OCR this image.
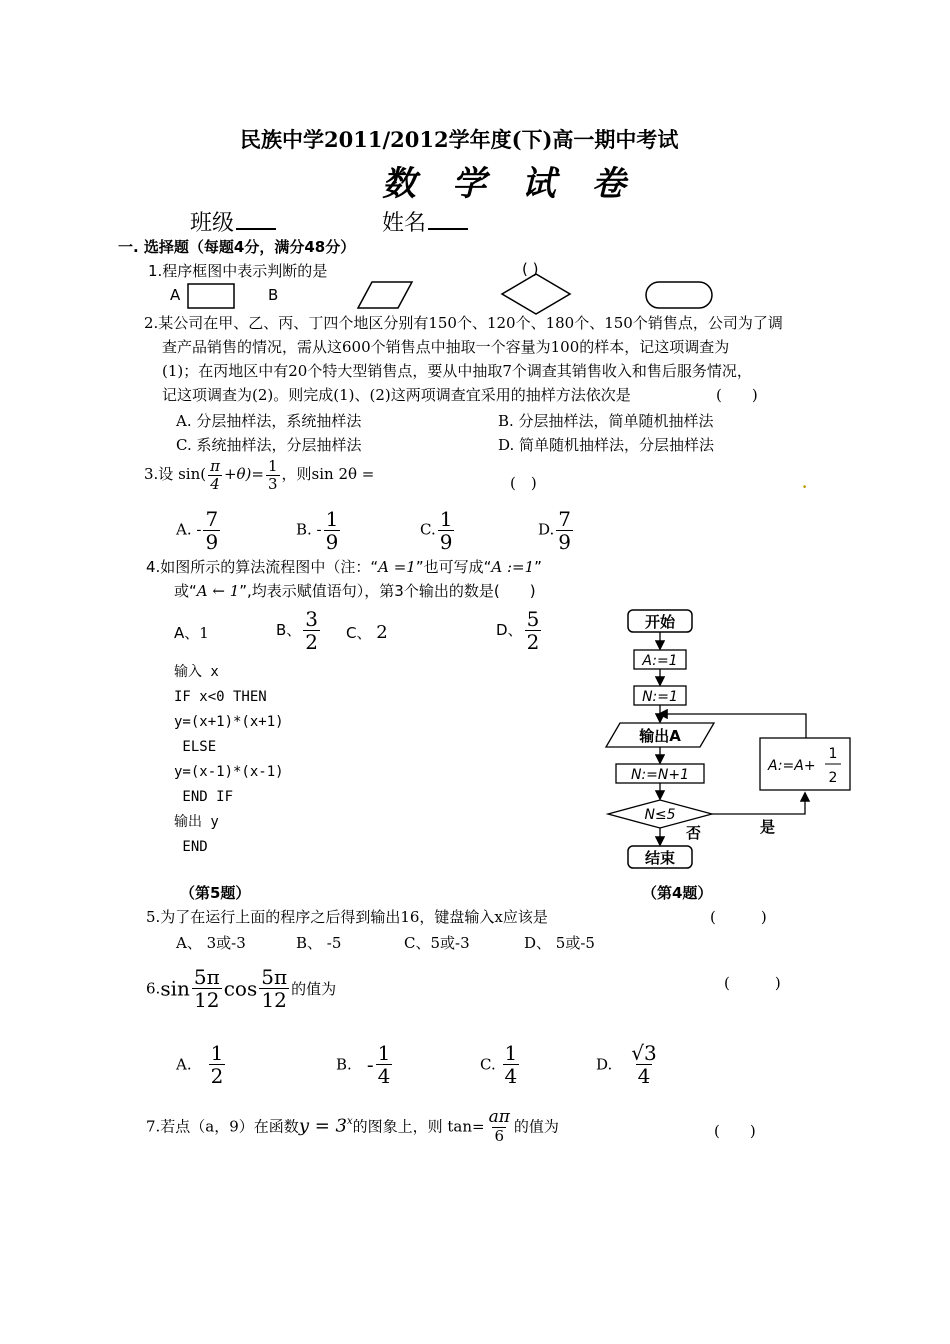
民族中学2011/2012学年度(下)高一期中考试
数 学 试 卷
班级	姓名
一. 选择题（每题4分，满分48分）
1.程序框图中表示判断的是	( )
A	B
2.某公司在甲、乙、丙、丁四个地区分别有150个、120个、180个、150个销售点，公司为了调
查产品销售的情况，需从这600个销售点中抽取一个容量为100的样本，记这项调查为
(1)；在丙地区中有20个特大型销售点，要从中抽取7个调查其销售收入和售后服务情况，
记这项调查为(2)。则完成(1)、(2)这两项调查宜采用的抽样方法依次是	(　　)
A. 分层抽样法，系统抽样法	B. 分层抽样法，简单随机抽样法
C. 系统抽样法，分层抽样法	D. 简单随机抽样法，分层抽样法
3.设 $\sin( \frac{\pi}{4} +\theta)= \frac{1}{3}$ ，则sin 2θ =	(　)	.
A. - $\frac{7}{9}$	B. - $\frac{1}{9}$	C. $\frac{1}{9}$	D. $\frac{7}{9}$
4.如图所示的算法流程图中（注：“A =1”也可写成“A :=1”
或“A ← 1”,均表示赋值语句），第3个输出的数是(　　)
A、1	B、 $\frac{3}{2}$ C、 2	D、 $\frac{5}{2}$
输入 x
IF x<0 THEN
y=(x+1)*(x+1)
ELSE
y=(x-1)*(x-1)
END IF
输出 y
END
开始
A:=1
N:=1
输出A
N:=N+1
N≤5
是
否
结束
A:=A+
1
2
（第5题）	（第4题）
5.为了在运行上面的程序之后得到输出16，键盘输入x应该是	(　　　)
A、 3或-3	B、 -5	C、5或-3	D、 5或-5
$6.\sin \frac{5\pi}{12}$ $\cos \frac{5\pi}{12}$ 的值为	(　　　)
A.　 $\frac{1}{2}$	B.　 - $\frac{1}{4}$	C. $\frac{1}{4}$	D.　 $\frac{√3}{4}$
7.若点（a，9）在函数$y = 3^x$的图象上，则 $\tan= \frac{a\pi}{6}$ 的值为	(　　)
